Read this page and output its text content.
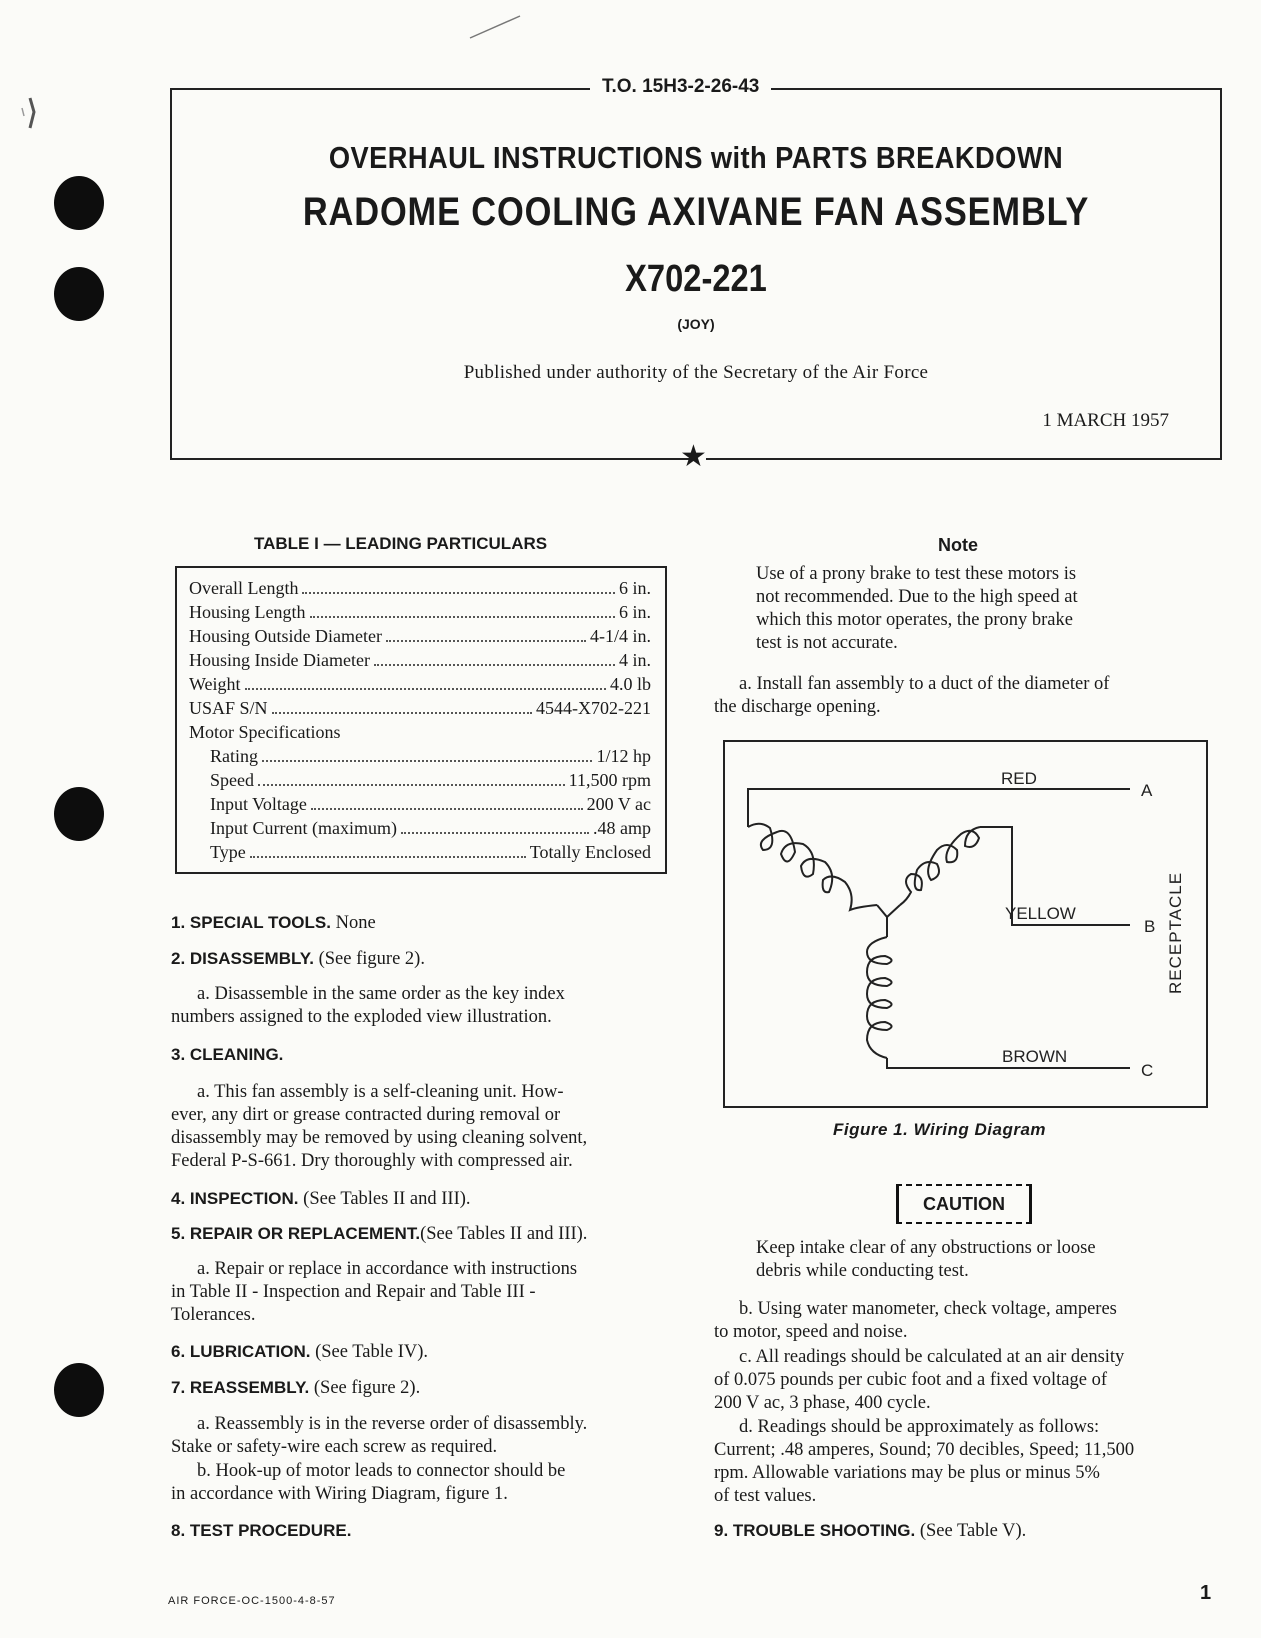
★
T.O. 15H3-2-26-43
OVERHAUL INSTRUCTIONS with PARTS BREAKDOWN
RADOME COOLING AXIVANE FAN ASSEMBLY
X702-221
(JOY)
Published under authority of the Secretary of the Air Force
1 MARCH 1957
TABLE I — LEADING PARTICULARS
Overall Length	6 in.
Housing Length	6 in.
Housing Outside Diameter	4-1/4 in.
Housing Inside Diameter	4 in.
Weight	4.0 lb
USAF S/N	4544-X702-221
Motor Specifications
Rating	1/12 hp
Speed	11,500 rpm
Input Voltage	200 V ac
Input Current (maximum)	.48 amp
Type	Totally Enclosed
1. SPECIAL TOOLS. None
2. DISASSEMBLY. (See figure 2).
a. Disassemble in the same order as the key index
numbers assigned to the exploded view illustration.
3. CLEANING.
a. This fan assembly is a self-cleaning unit. How-
ever, any dirt or grease contracted during removal or
disassembly may be removed by using cleaning solvent,
Federal P-S-661. Dry thoroughly with compressed air.
4. INSPECTION. (See Tables II and III).
5. REPAIR OR REPLACEMENT.(See Tables II and III).
a. Repair or replace in accordance with instructions
in Table II - Inspection and Repair and Table III -
Tolerances.
6. LUBRICATION. (See Table IV).
7. REASSEMBLY. (See figure 2).
a. Reassembly is in the reverse order of disassembly.
Stake or safety-wire each screw as required.
b. Hook-up of motor leads to connector should be
in accordance with Wiring Diagram, figure 1.
8. TEST PROCEDURE.
Note
Use of a prony brake to test these motors is
not recommended. Due to the high speed at
which this motor operates, the prony brake
test is not accurate.
a. Install fan assembly to a duct of the diameter of
the discharge opening.
RED
YELLOW
BROWN
A
B
C
RECEPTACLE
Figure 1. Wiring Diagram
CAUTION
Keep intake clear of any obstructions or loose
debris while conducting test.
b. Using water manometer, check voltage, amperes
to motor, speed and noise.
c. All readings should be calculated at an air density
of 0.075 pounds per cubic foot and a fixed voltage of
200 V ac, 3 phase, 400 cycle.
d. Readings should be approximately as follows:
Current; .48 amperes, Sound; 70 decibles, Speed; 11,500
rpm. Allowable variations may be plus or minus 5%
of test values.
9. TROUBLE SHOOTING. (See Table V).
AIR FORCE-OC-1500-4-8-57	1
